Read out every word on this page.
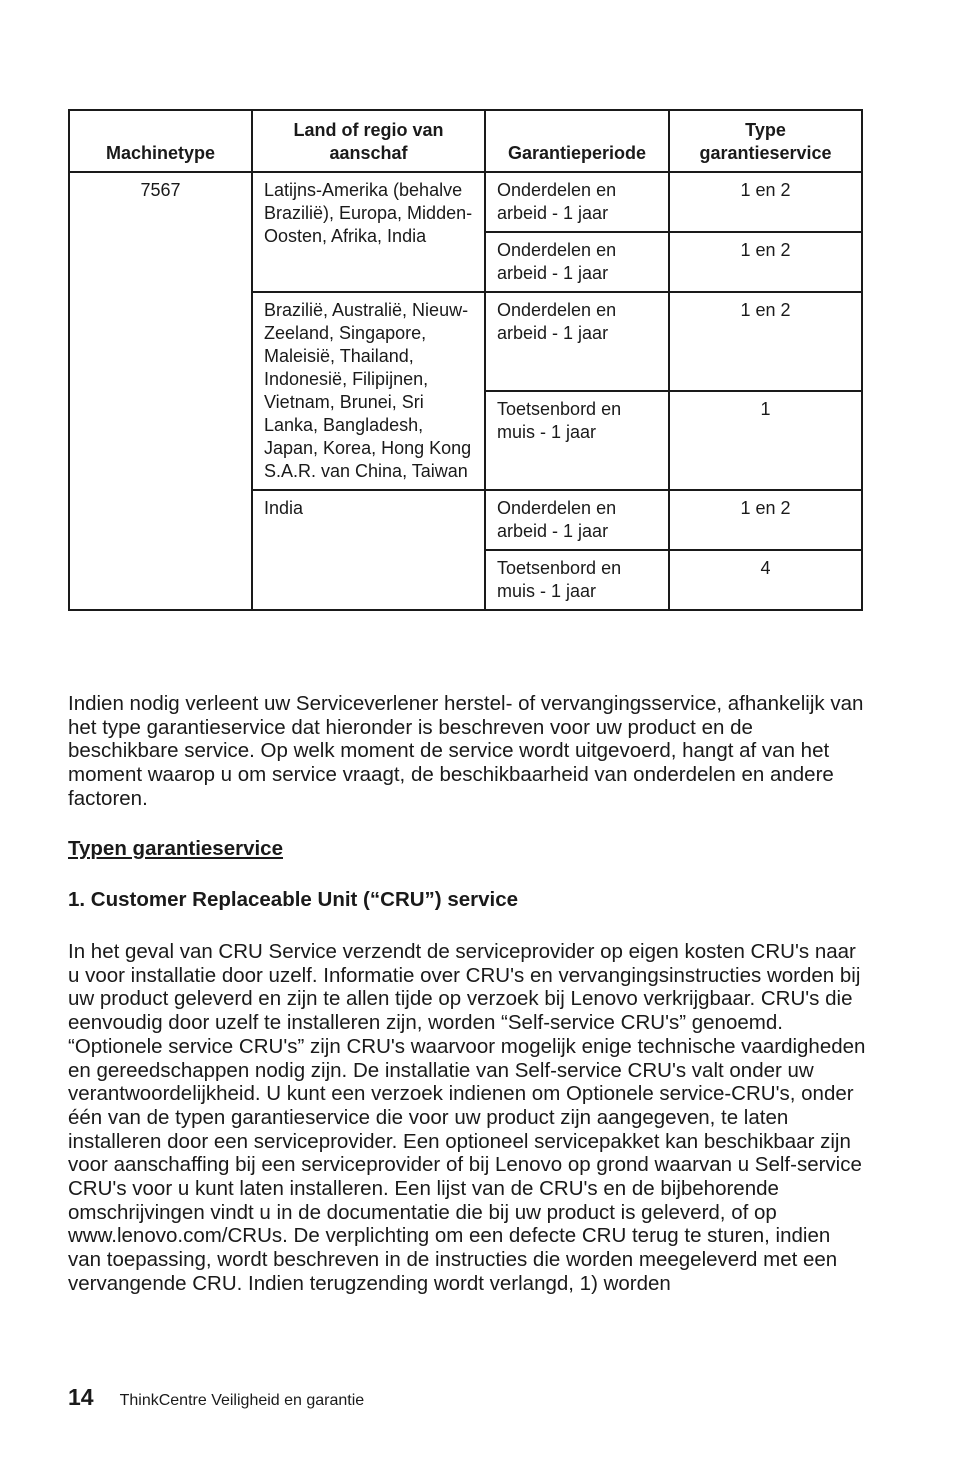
Machinetype	Land of regio van aanschaf	Garantieperiode	Type garantieservice
7567	Latijns-Amerika (behalve Brazilië), Europa, Midden-Oosten, Afrika, India	Onderdelen en arbeid - 1 jaar	1 en 2
		Onderdelen en arbeid - 1 jaar	1 en 2
	Brazilië, Australië, Nieuw-Zeeland, Singapore, Maleisië, Thailand, Indonesië, Filipijnen, Vietnam, Brunei, Sri Lanka, Bangladesh, Japan, Korea, Hong Kong S.A.R. van China, Taiwan	Onderdelen en arbeid - 1 jaar	1 en 2
		Toetsenbord en muis - 1 jaar	1
	India	Onderdelen en arbeid - 1 jaar	1 en 2
		Toetsenbord en muis - 1 jaar	4

Indien nodig verleent uw Serviceverlener herstel- of vervangingsservice, afhankelijk van het type garantieservice dat hieronder is beschreven voor uw product en de beschikbare service. Op welk moment de service wordt uitgevoerd, hangt af van het moment waarop u om service vraagt, de beschikbaarheid van onderdelen en andere factoren.

Typen garantieservice
1. Customer Replaceable Unit (“CRU”) service

In het geval van CRU Service verzendt de serviceprovider op eigen kosten CRU's naar u voor installatie door uzelf. Informatie over CRU's en vervangingsinstructies worden bij uw product geleverd en zijn te allen tijde op verzoek bij Lenovo verkrijgbaar. CRU's die eenvoudig door uzelf te installeren zijn, worden “Self-service CRU's” genoemd. “Optionele service CRU's” zijn CRU's waarvoor mogelijk enige technische vaardigheden en gereedschappen nodig zijn. De installatie van Self-service CRU's valt onder uw verantwoordelijkheid. U kunt een verzoek indienen om Optionele service-CRU's, onder één van de typen garantieservice die voor uw product zijn aangegeven, te laten installeren door een serviceprovider. Een optioneel servicepakket kan beschikbaar zijn voor aanschaffing bij een serviceprovider of bij Lenovo op grond waarvan u Self-service CRU's voor u kunt laten installeren. Een lijst van de CRU's en de bijbehorende omschrijvingen vindt u in de documentatie die bij uw product is geleverd, of op www.lenovo.com/CRUs. De verplichting om een defecte CRU terug te sturen, indien van toepassing, wordt beschreven in de instructies die worden meegeleverd met een vervangende CRU. Indien terugzending wordt verlangd, 1) worden

14 ThinkCentre Veiligheid en garantie
